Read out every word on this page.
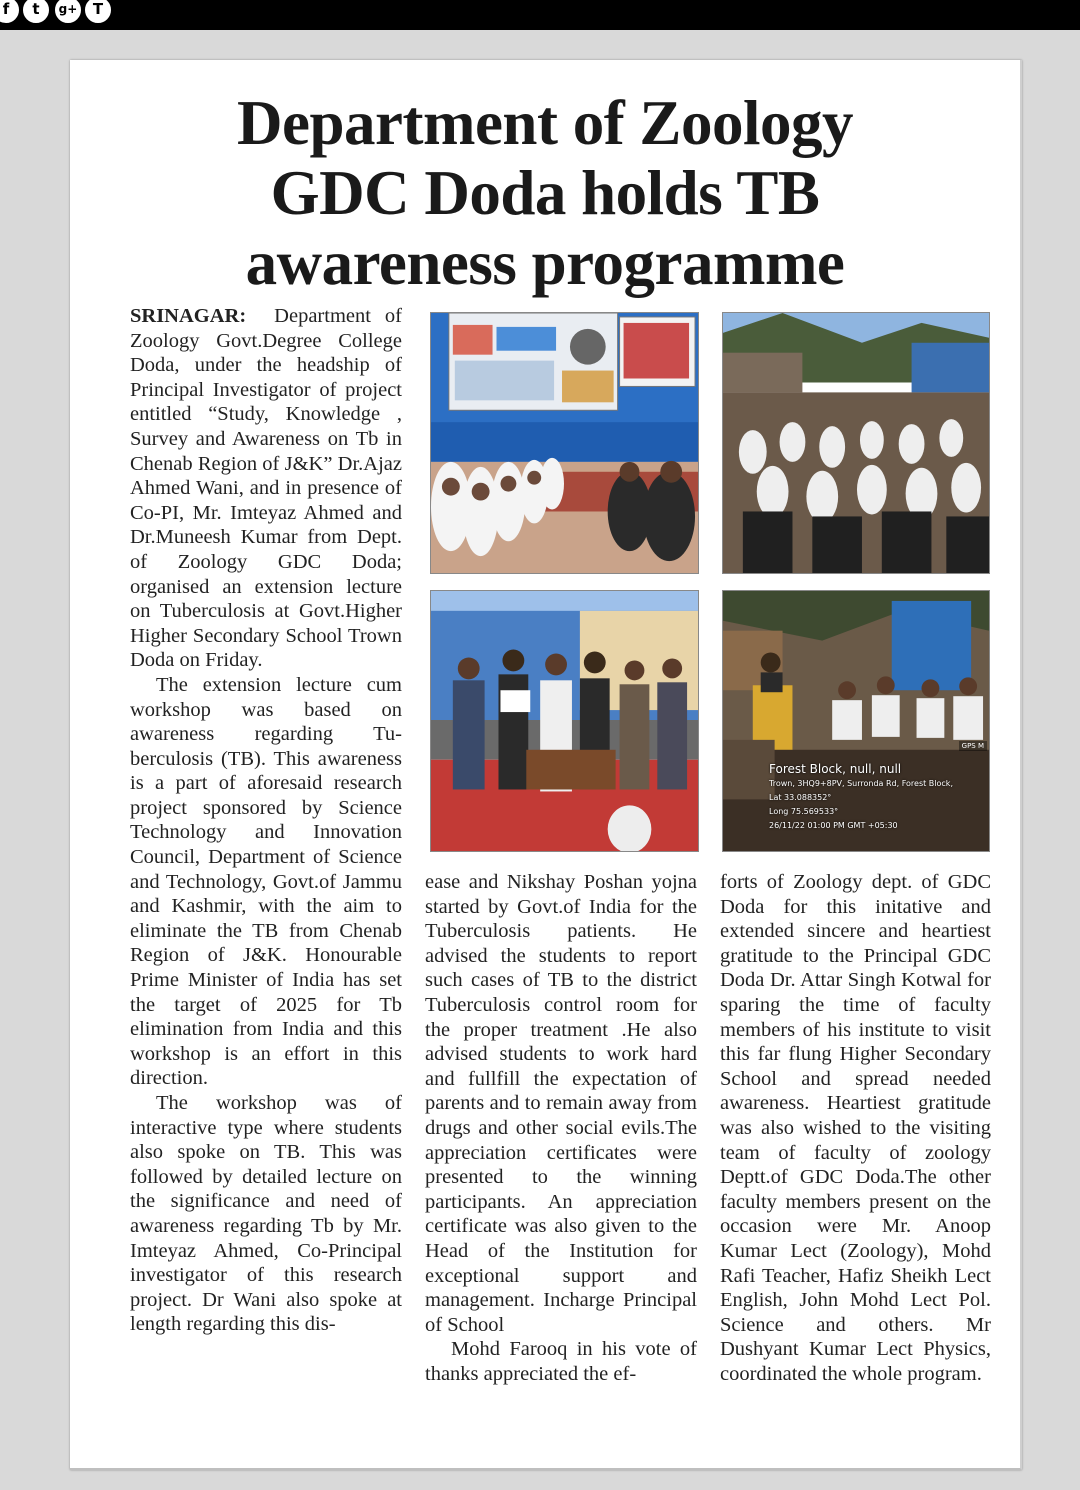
f	t	g+	T
Department of Zoology
GDC Doda holds TB
awareness programme

SRINAGAR: Department of Zoology Govt.Degree College Doda, under the headship of Principal Investigator of project entitled “Study, Knowledge , Survey and Awareness on Tb in Chenab Region of J&K” Dr.Ajaz Ahmed Wani, and in presence of Co-PI, Mr. Imteyaz Ahmed and Dr.Muneesh Kumar from Dept. of Zoology GDC Doda; organised an extension lecture on Tuberculosis at Govt.Higher Higher Secondary School Trown Doda on Friday.

The extension lecture cum workshop was based on awareness regarding Tuberculosis (TB). This awareness is a part of aforesaid research project sponsored by Science Technology and Innovation Council, Department of Science and Technology, Govt.of Jammu and Kashmir, with the aim to eliminate the TB from Chenab Region of J&K. Honourable Prime Minister of India has set the target of 2025 for Tb elimination from India and this workshop is an effort in this direction.

The workshop was of interactive type where students also spoke on TB. This was followed by detailed lecture on the significance and need of awareness regarding Tb by Mr. Imteyaz Ahmed, Co-Principal investigator of this research project. Dr Wani also spoke at length regarding this dis-

GPS M
Forest Block, null, null
Trown, 3HQ9+8PV, Surronda Rd, Forest Block,
Lat 33.088352°
Long 75.569533°
26/11/22 01:00 PM GMT +05:30

ease and Nikshay Poshan yojna started by Govt.of India for the Tuberculosis patients. He advised the students to report such cases of TB to the district Tuberculosis control room for the proper treatment .He also advised students to work hard and fullfill the expectation of parents and to remain away from drugs and other social evils.The appreciation certificates were presented to the winning participants. An appreciation certificate was also given to the Head of the Institution for exceptional support and management. Incharge Principal of School

Mohd Farooq in his vote of thanks appreciated the ef-

forts of Zoology dept. of GDC Doda for this initative and extended sincere and heartiest gratitude to the Principal GDC Doda Dr. Attar Singh Kotwal for sparing the time of faculty members of his institute to visit this far flung Higher Secondary School and spread needed awareness. Heartiest gratitude was also wished to the visiting team of faculty of zoology Deptt.of GDC Doda.The other faculty members present on the occasion were Mr. Anoop Kumar Lect (Zoology), Mohd Rafi Teacher, Hafiz Sheikh Lect English, John Mohd Lect Pol. Science and others. Mr Dushyant Kumar Lect Physics, coordinated the whole program.
